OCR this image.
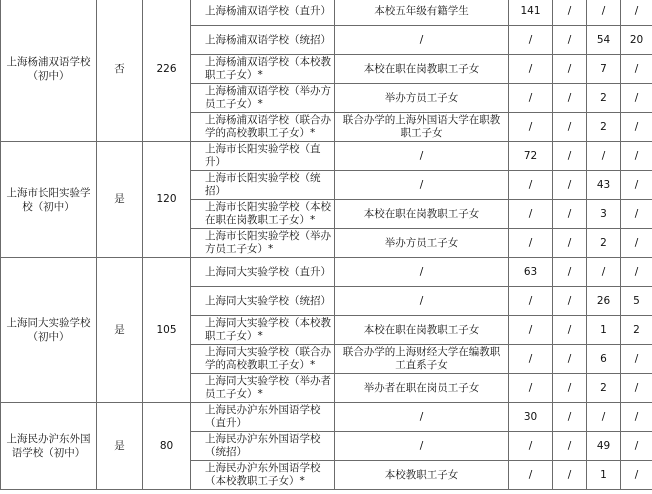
上海杨浦双语学校（初中）	否	226	上海杨浦双语学校（直升）	本校五年级有籍学生	141	/	/	/
			上海杨浦双语学校（统招）	/	/	/	54	20
			上海杨浦双语学校（本校教职工子女）*	本校在职在岗教职工子女	/	/	7	/
			上海杨浦双语学校（举办方员工子女）*	举办方员工子女	/	/	2	/
			上海杨浦双语学校（联合办学的高校教职工子女）*	联合办学的上海外国语大学在职教职工子女	/	/	2	/
上海市长阳实验学校（初中）	是	120	上海市长阳实验学校（直升）	/	72	/	/	/
			上海市长阳实验学校（统招）	/	/	/	43	/
			上海市长阳实验学校（本校在职在岗教职工子女）*	本校在职在岗教职工子女	/	/	3	/
			上海市长阳实验学校（举办方员工子女）*	举办方员工子女	/	/	2	/
上海同大实验学校（初中）	是	105	上海同大实验学校（直升）	/	63	/	/	/
			上海同大实验学校（统招）	/	/	/	26	5
			上海同大实验学校（本校教职工子女）*	本校在职在岗教职工子女	/	/	1	2
			上海同大实验学校（联合办学的高校教职工子女）*	联合办学的上海财经大学在编教职工直系子女	/	/	6	/
			上海同大实验学校（举办者员工子女）*	举办者在职在岗员工子女	/	/	2	/
上海民办沪东外国语学校（初中）	是	80	上海民办沪东外国语学校（直升）	/	30	/	/	/
			上海民办沪东外国语学校（统招）	/	/	/	49	/
			上海民办沪东外国语学校（本校教职工子女）*	本校教职工子女	/	/	1	/
